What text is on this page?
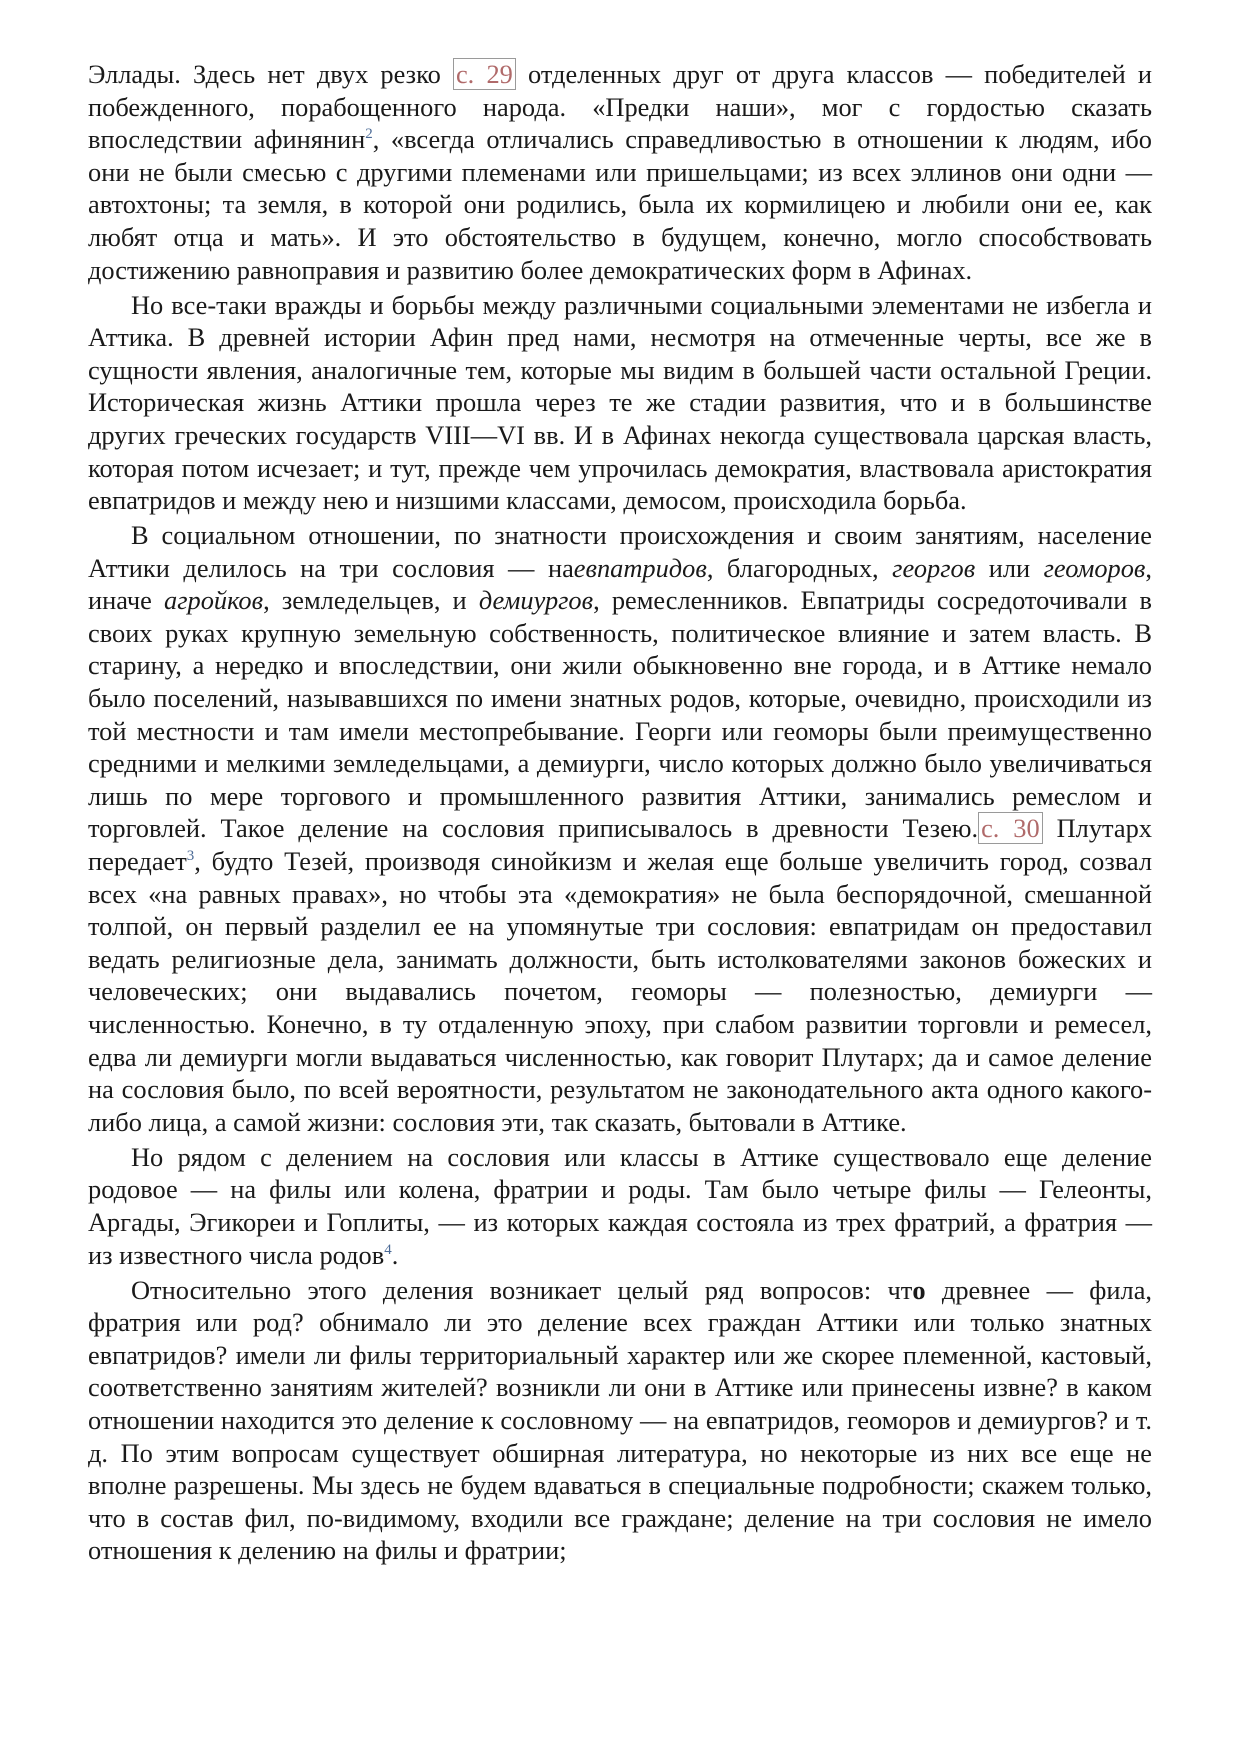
Эллады. Здесь нет двух резко с. 29 отделенных друг от друга классов — победителей и побежденного, порабощенного народа. «Предки наши», мог с гордостью сказать впоследствии афинянин$^2$, «всегда отличались справедливостью в отношении к людям, ибо они не были смесью с другими племенами или пришельцами; из всех эллинов они одни — автохтоны; та земля, в которой они родились, была их кормилицею и любили они ее, как любят отца и мать». И это обстоятельство в будущем, конечно, могло способствовать достижению равноправия и развитию более демократических форм в Афинах.

Но все-таки вражды и борьбы между различными социальными элементами не избегла и Аттика. В древней истории Афин пред нами, несмотря на отмеченные черты, все же в сущности явления, аналогичные тем, которые мы видим в большей части остальной Греции. Историческая жизнь Аттики прошла через те же стадии развития, что и в большинстве других греческих государств VIII—VI вв. И в Афинах некогда существовала царская власть, которая потом исчезает; и тут, прежде чем упрочилась демократия, властвовала аристократия евпатридов и между нею и низшими классами, демосом, происходила борьба.

В социальном отношении, по знатности происхождения и своим занятиям, население Аттики делилось на три сословия — наевпатридов, благородных, георгов или геоморов, иначе агройков, земледельцев, и демиургов, ремесленников. Евпатриды сосредоточивали в своих руках крупную земельную собственность, политическое влияние и затем власть. В старину, а нередко и впоследствии, они жили обыкновенно вне города, и в Аттике немало было поселений, называвшихся по имени знатных родов, которые, очевидно, происходили из той местности и там имели местопребывание. Георги или геоморы были преимущественно средними и мелкими земледельцами, а демиурги, число которых должно было увеличиваться лишь по мере торгового и промышленного развития Аттики, занимались ремеслом и торговлей. Такое деление на сословия приписывалось в древности Тезею. с. 30 Плутарх передает$^3$, будто Тезей, производя синойкизм и желая еще больше увеличить город, созвал всех «на равных правах», но чтобы эта «демократия» не была беспорядочной, смешанной толпой, он первый разделил ее на упомянутые три сословия: евпатридам он предоставил ведать религиозные дела, занимать должности, быть истолкователями законов божеских и человеческих; они выдавались почетом, геоморы — полезностью, демиурги — численностью. Конечно, в ту отдаленную эпоху, при слабом развитии торговли и ремесел, едва ли демиурги могли выдаваться численностью, как говорит Плутарх; да и самое деление на сословия было, по всей вероятности, результатом не законодательного акта одного какого-либо лица, а самой жизни: сословия эти, так сказать, бытовали в Аттике.

Но рядом с делением на сословия или классы в Аттике существовало еще деление родовое — на филы или колена, фратрии и роды. Там было четыре филы — Гелеонты, Аргады, Эгикореи и Гоплиты, — из которых каждая состояла из трех фратрий, а фратрия — из известного числа родов$^4$.

Относительно этого деления возникает целый ряд вопросов: что древнее — фила, фратрия или род? обнимало ли это деление всех граждан Аттики или только знатных евпатридов? имели ли филы территориальный характер или же скорее племенной, кастовый, соответственно занятиям жителей? возникли ли они в Аттике или принесены извне? в каком отношении находится это деление к сословному — на евпатридов, геоморов и демиургов? и т. д. По этим вопросам существует обширная литература, но некоторые из них все еще не вполне разрешены. Мы здесь не будем вдаваться в специальные подробности; скажем только, что в состав фил, по-видимому, входили все граждане; деление на три сословия не имело отношения к делению на филы и фратрии;
